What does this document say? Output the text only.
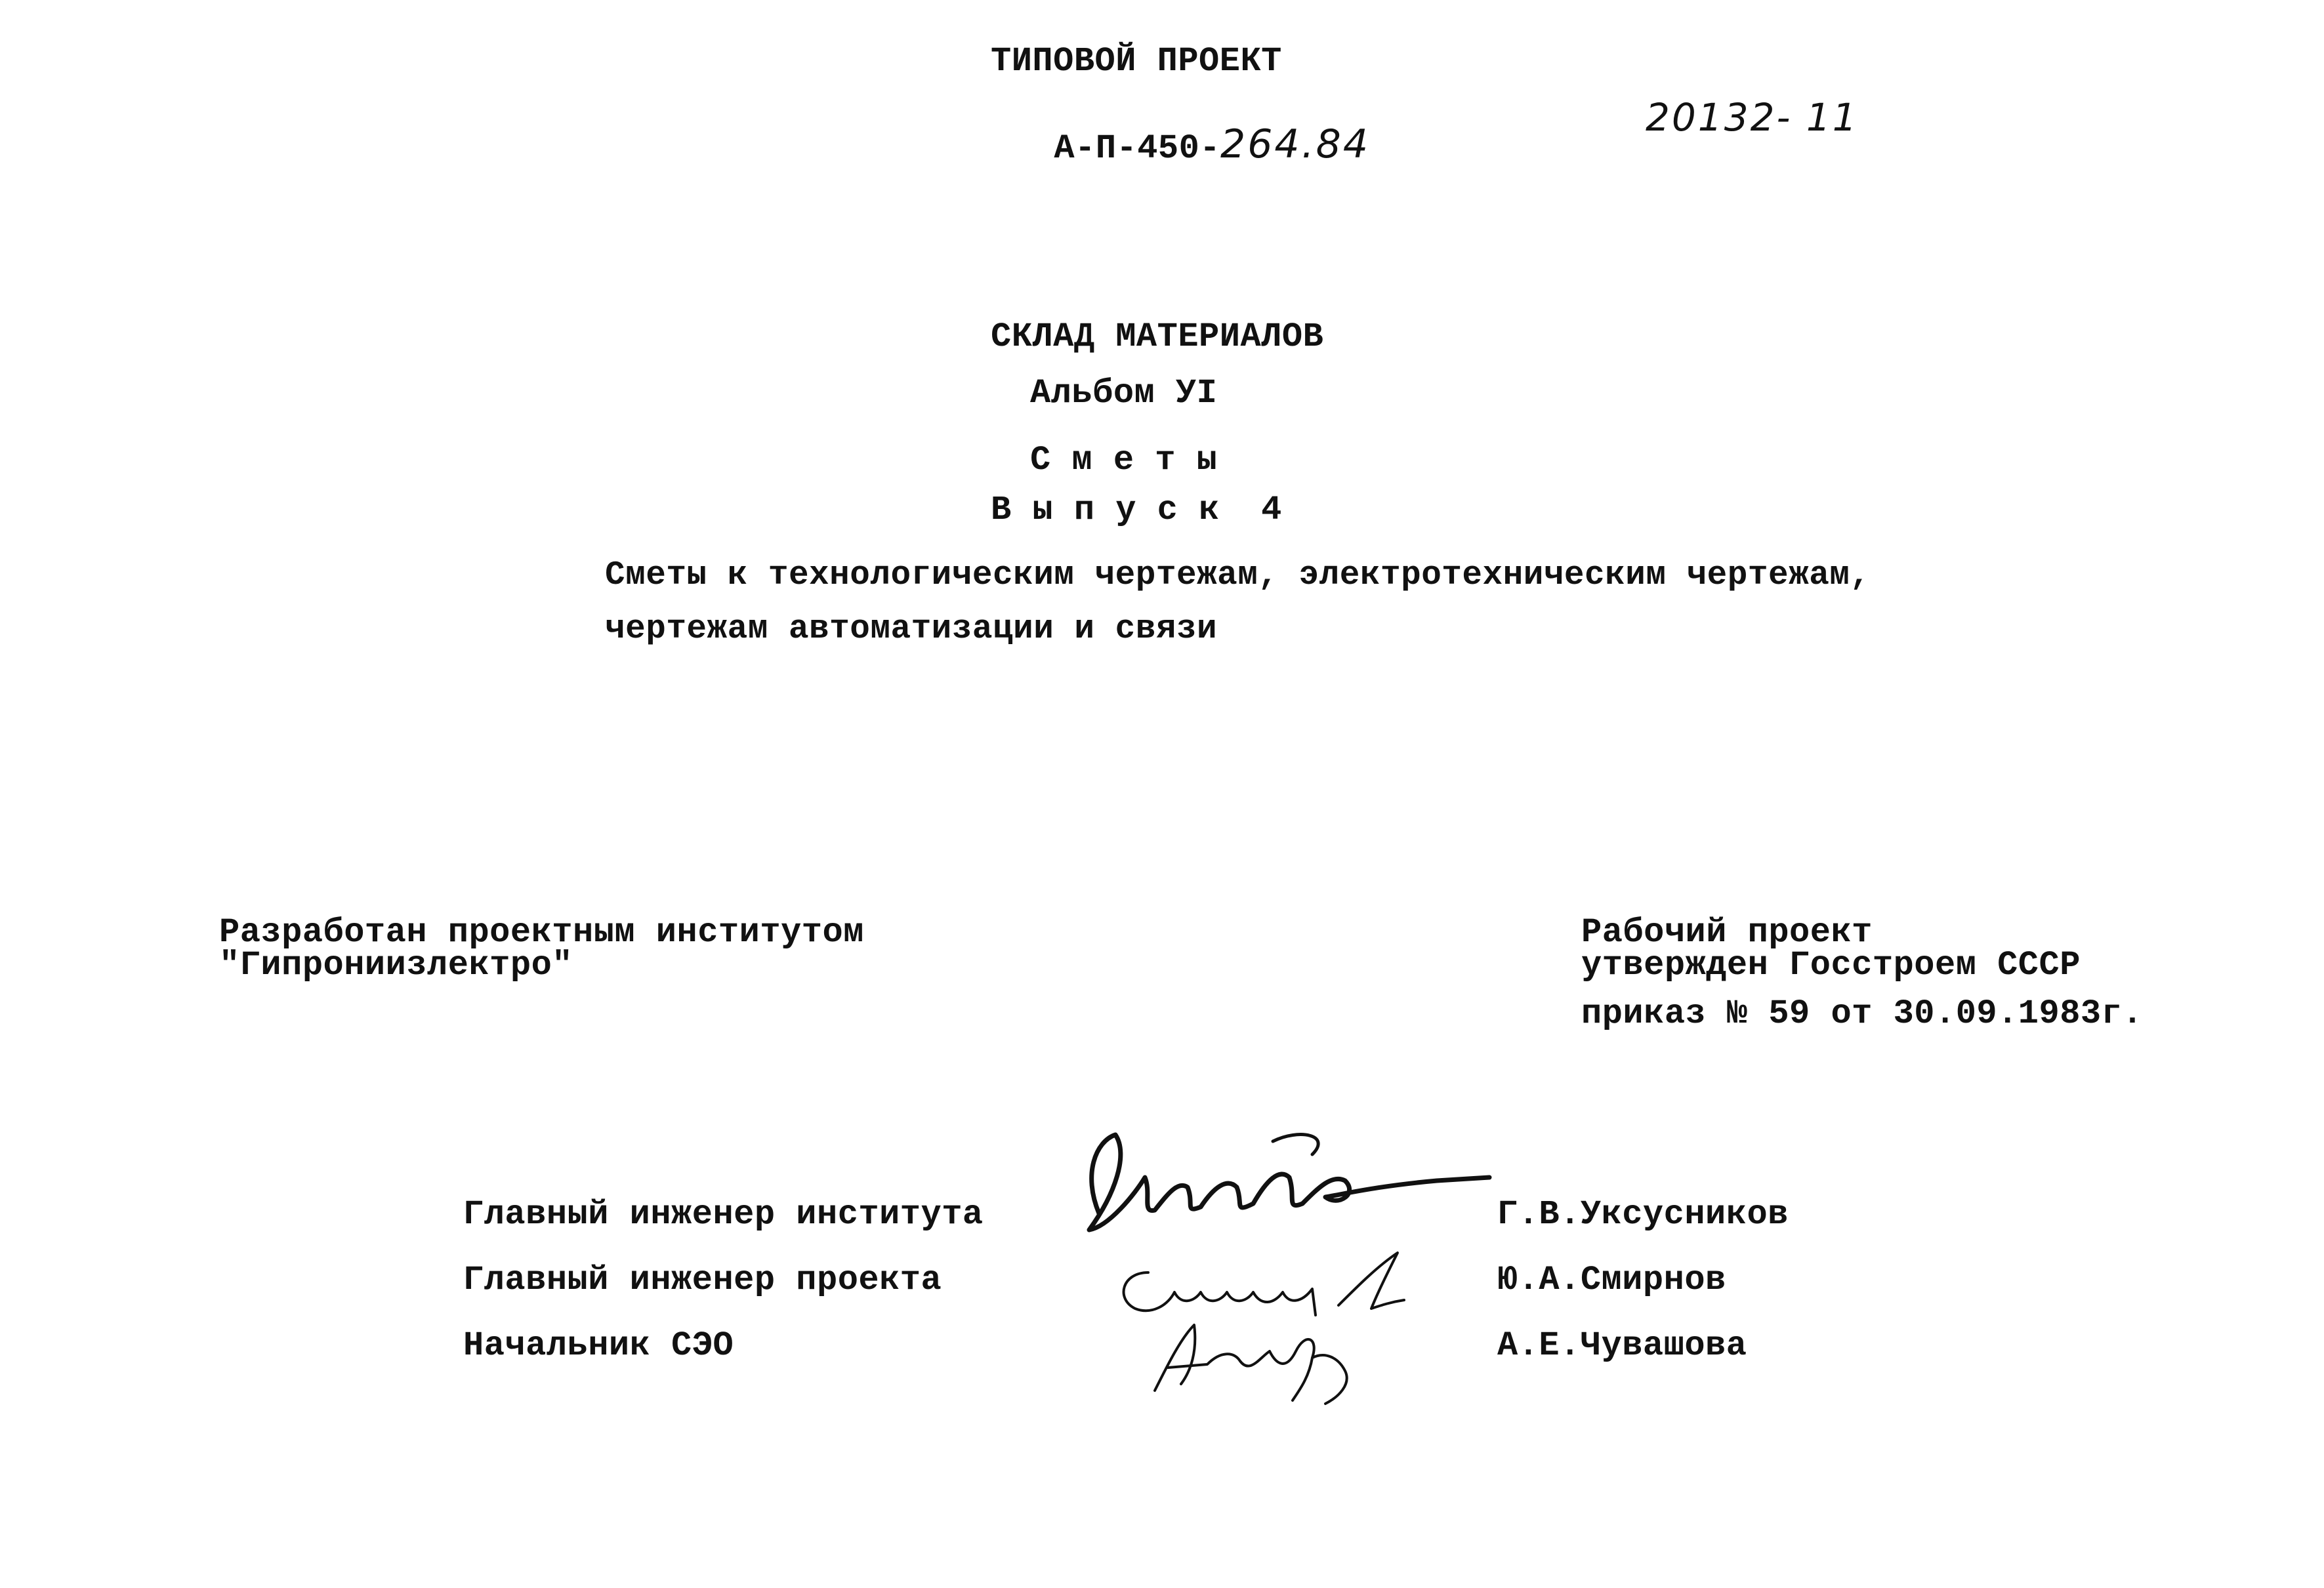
ТИПОВОЙ ПРОЕКТ

А-П-450-264.84

20132- 11
СКЛАД МАТЕРИАЛОВ
Альбом УI
С м е т ы
В ы п у с к  4
Сметы к технологическим чертежам, электротехническим чертежам,
чертежам автоматизации и связи
Разработан проектным институтом
"Гипрониизлектро"
Рабочий проект
утвержден Госстроем СССР
приказ № 59 от 30.09.1983г.
Главный инженер института
Главный инженер проекта
Начальник СЭО
Г.В.Уксусников
Ю.А.Смирнов
А.Е.Чувашова
